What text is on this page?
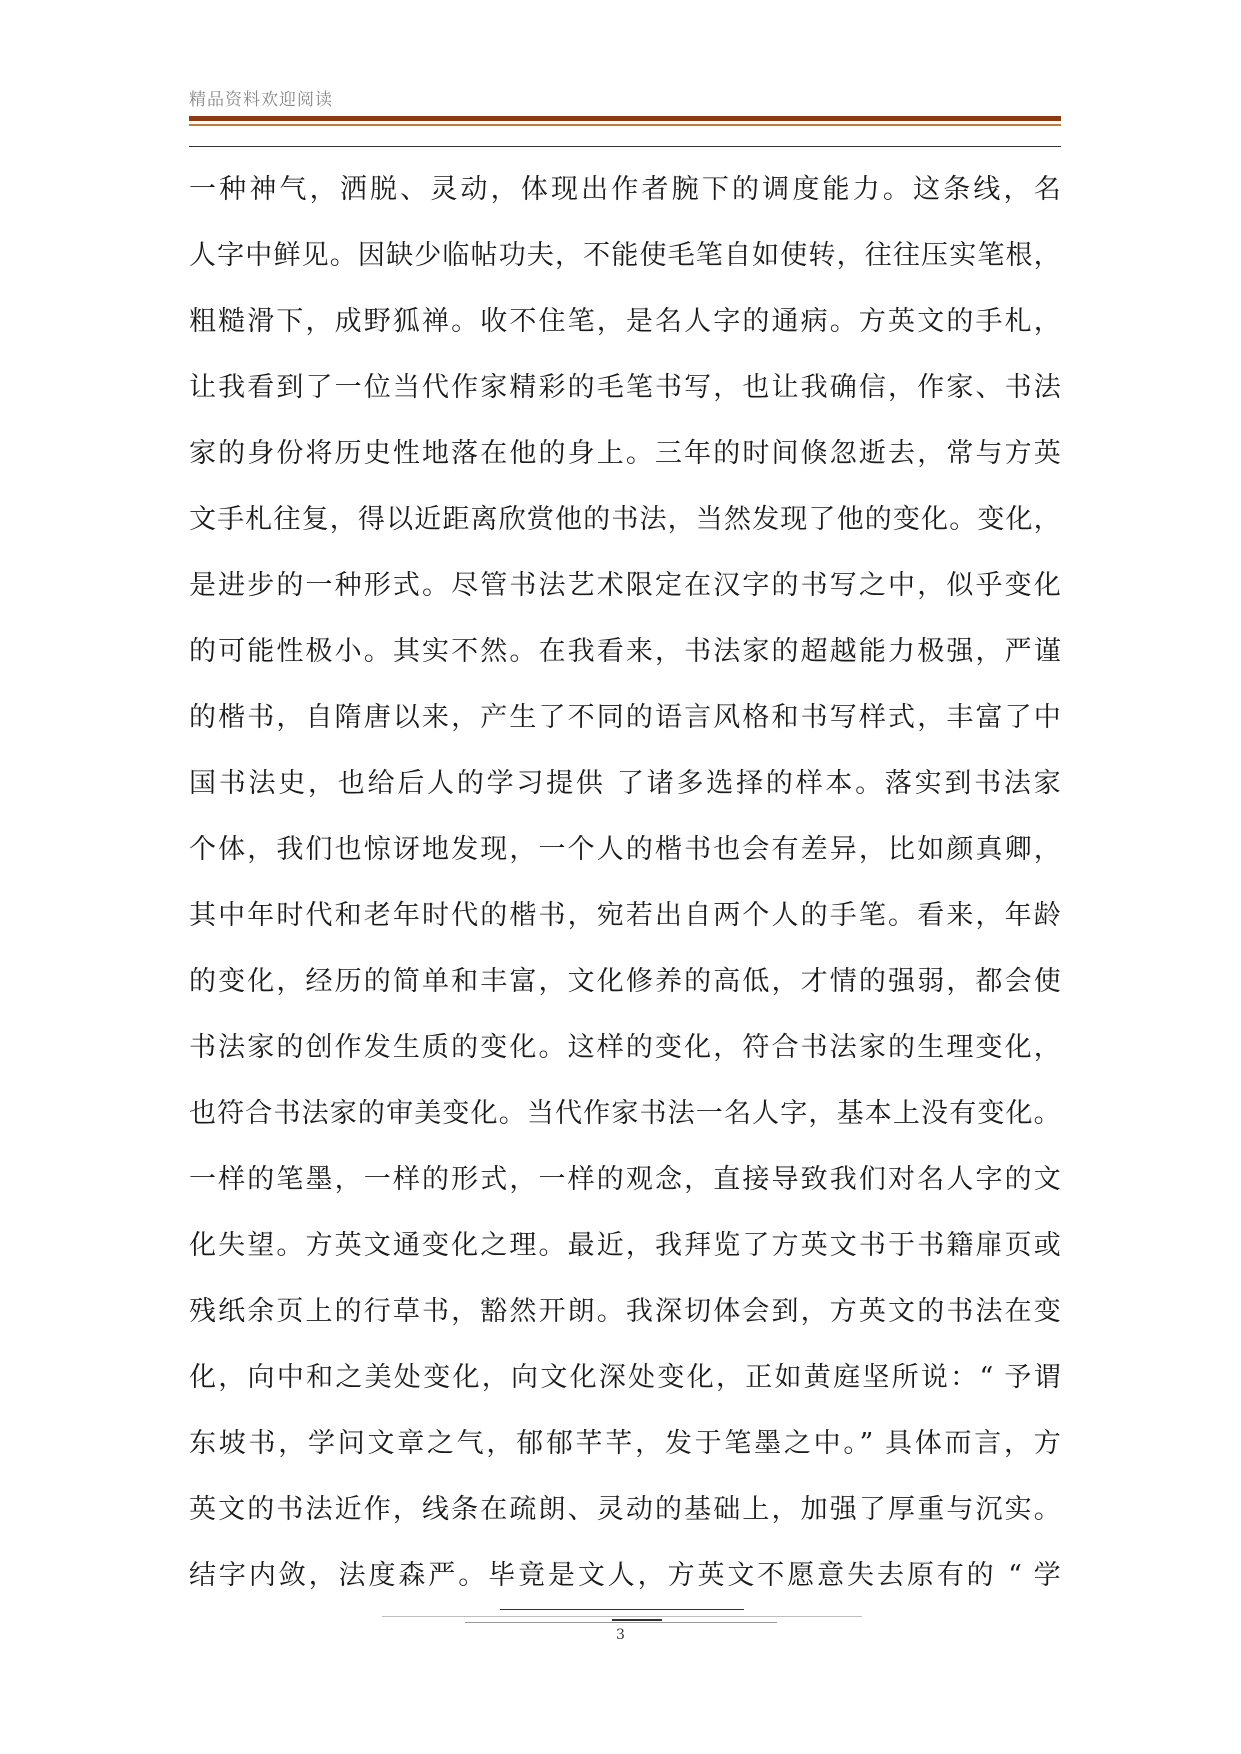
精品资料欢迎阅读
一种神气，洒脱、灵动，体现出作者腕下的调度能力。这条线，名
人字中鲜见。因缺少临帖功夫，不能使毛笔自如使转，往往压实笔根，
粗糙滑下，成野狐禅。收不住笔，是名人字的通病。方英文的手札，
让我看到了一位当代作家精彩的毛笔书写，也让我确信，作家、书法
家的身份将历史性地落在他的身上。三年的时间倏忽逝去，常与方英
文手札往复，得以近距离欣赏他的书法，当然发现了他的变化。变化，
是进步的一种形式。尽管书法艺术限定在汉字的书写之中，似乎变化
的可能性极小。其实不然。在我看来，书法家的超越能力极强，严谨
的楷书，自隋唐以来，产生了不同的语言风格和书写样式，丰富了中
国书法史，也给后人的学习提供 了诸多选择的样本。落实到书法家
个体，我们也惊讶地发现，一个人的楷书也会有差异，比如颜真卿，
其中年时代和老年时代的楷书，宛若出自两个人的手笔。看来，年龄
的变化，经历的简单和丰富，文化修养的高低，才情的强弱，都会使
书法家的创作发生质的变化。这样的变化，符合书法家的生理变化，
也符合书法家的审美变化。当代作家书法一名人字，基本上没有变化。
一样的笔墨，一样的形式，一样的观念，直接导致我们对名人字的文
化失望。方英文通变化之理。最近，我拜览了方英文书于书籍扉页或
残纸余页上的行草书，豁然开朗。我深切体会到，方英文的书法在变
化，向中和之美处变化，向文化深处变化，正如黄庭坚所说：“ 予谓
东坡书，学问文章之气，郁郁芊芊，发于笔墨之中。” 具体而言，方
英文的书法近作，线条在疏朗、灵动的基础上，加强了厚重与沉实。
结字内敛，法度森严。毕竟是文人，方英文不愿意失去原有的 “ 学
3
